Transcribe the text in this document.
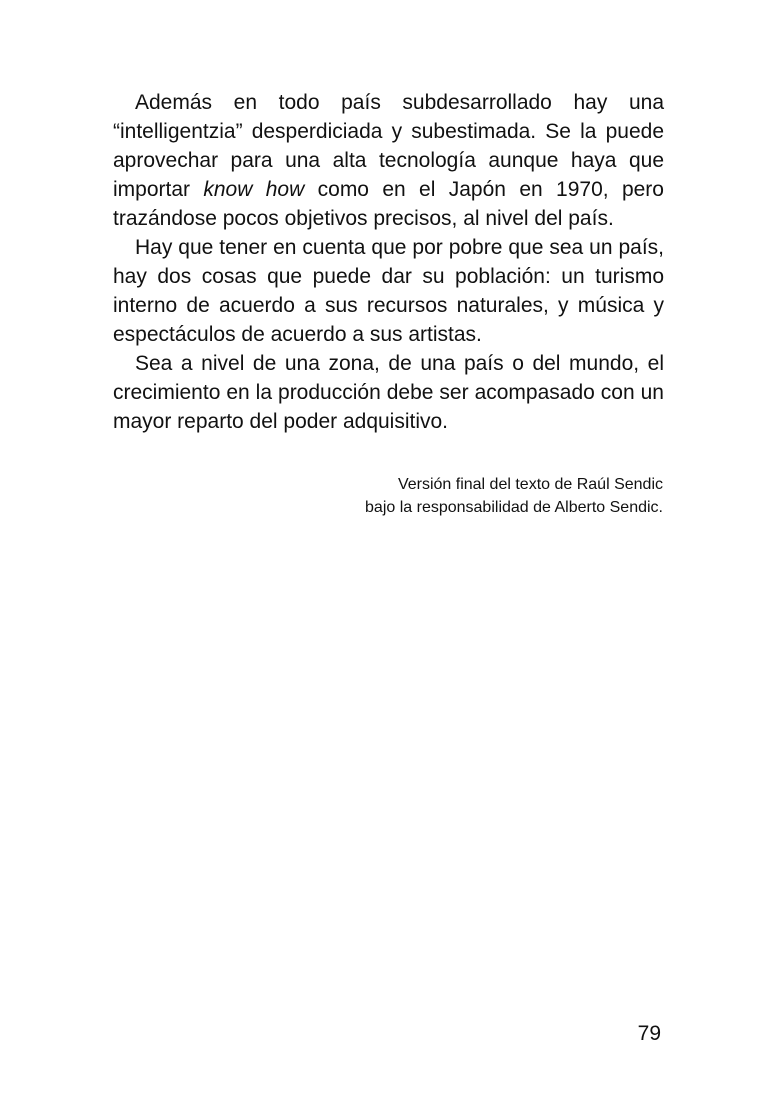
Además en todo país subdesarrollado hay una “intelligentzia” desperdiciada y subestimada. Se la puede aprovechar para una alta tecnología aunque haya que importar know how como en el Japón en 1970, pero trazándose pocos objetivos precisos, al nivel del país.

Hay que tener en cuenta que por pobre que sea un país, hay dos cosas que puede dar su población: un turismo interno de acuerdo a sus recursos naturales, y música y espectáculos de acuerdo a sus artistas.

Sea a nivel de una zona, de una país o del mundo, el crecimiento en la producción debe ser acompasado con un mayor reparto del poder adquisitivo.

Versión final del texto de Raúl Sendic
bajo la responsabilidad de Alberto Sendic.
79
